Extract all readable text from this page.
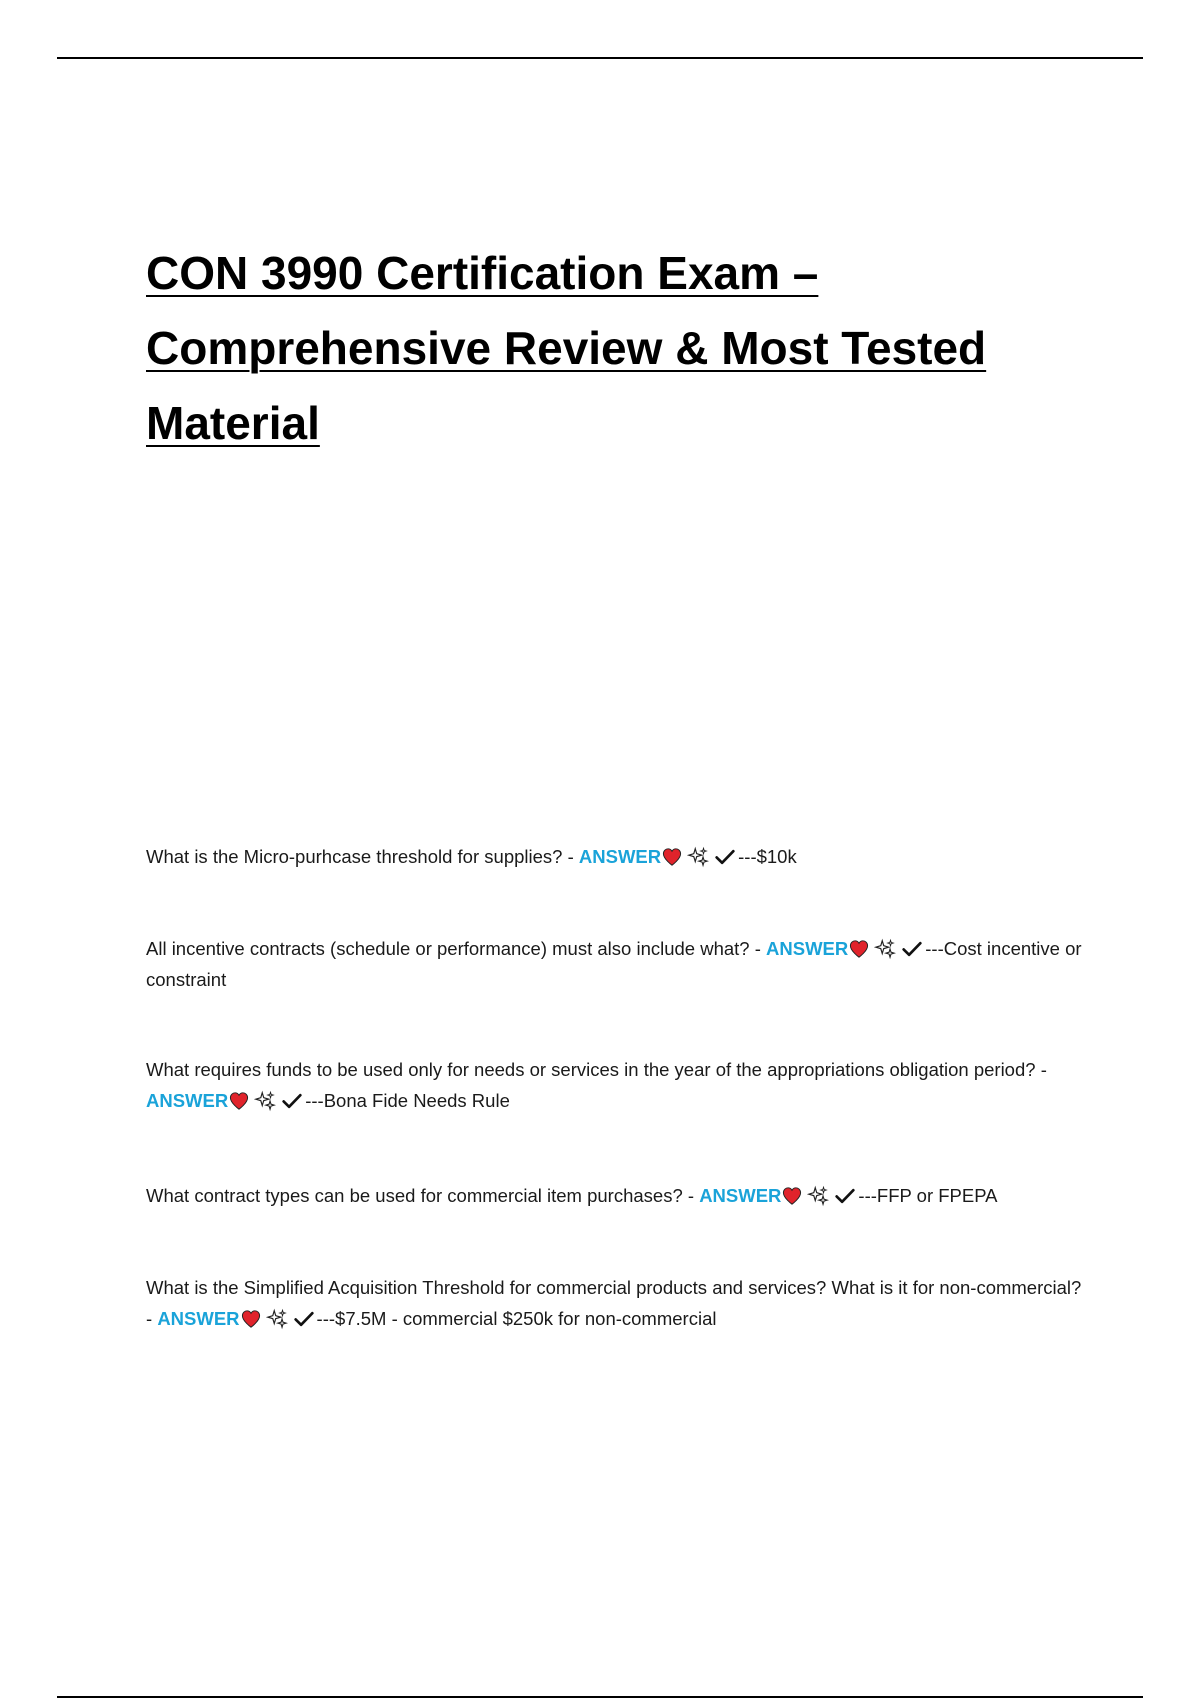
CON 3990 Certification Exam –
Comprehensive Review & Most Tested
Material

What is the Micro-purhcase threshold for supplies? - ANSWER	---$10k

All incentive contracts (schedule or performance) must also include what? - ANSWER	---Cost incentive or constraint

What requires funds to be used only for needs or services in the year of the appropriations obligation period? - ANSWER	---Bona Fide Needs Rule

What contract types can be used for commercial item purchases? - ANSWER	---FFP or FPEPA

What is the Simplified Acquisition Threshold for commercial products and services? What is it for non-commercial? - ANSWER	---$7.5M - commercial $250k for non-commercial
